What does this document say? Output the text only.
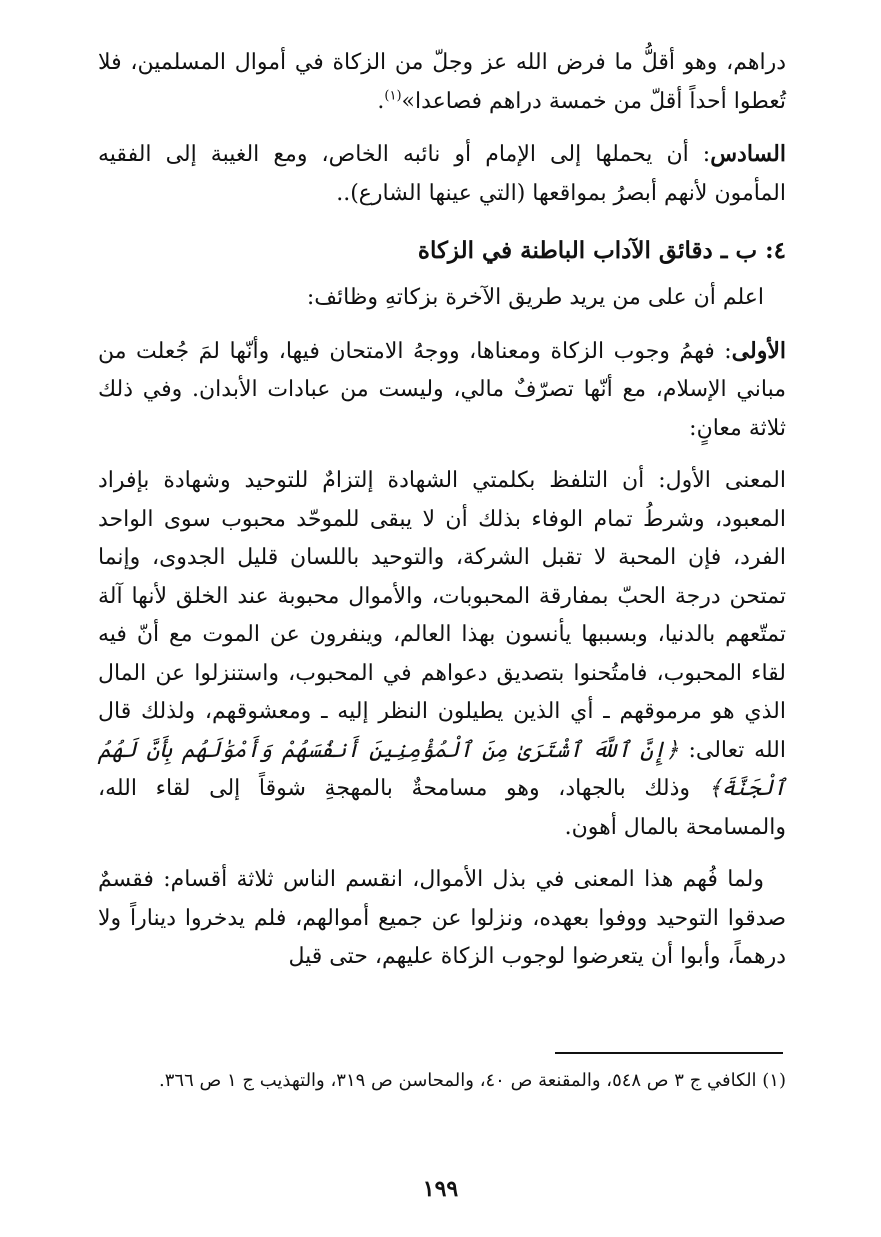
دراهم، وهو أقلُّ ما فرض الله عز وجلّ من الزكاة في أموال المسلمين، فلا تُعطوا أحداً أقلّ من خمسة دراهم فصاعدا»$^{(١)}$.

السادس: أن يحملها إلى الإمام أو نائبه الخاص، ومع الغيبة إلى الفقيه المأمون لأنهم أبصرُ بمواقعها (التي عينها الشارع)..

٤: ب ـ دقائق الآداب الباطنة في الزكاة

اعلم أن على من يريد طريق الآخرة بزكاتهِ وظائف:

الأولى: فهمُ وجوب الزكاة ومعناها، ووجهُ الامتحان فيها، وأنّها لمَ جُعلت من مباني الإسلام، مع أنّها تصرّفٌ مالي، وليست من عبادات الأبدان. وفي ذلك ثلاثة معانٍ:

المعنى الأول: أن التلفظ بكلمتي الشهادة إلتزامٌ للتوحيد وشهادة بإفراد المعبود، وشرطُ تمام الوفاء بذلك أن لا يبقى للموحّد محبوب سوى الواحد الفرد، فإن المحبة لا تقبل الشركة، والتوحيد باللسان قليل الجدوى، وإنما تمتحن درجة الحبّ بمفارقة المحبوبات، والأموال محبوبة عند الخلق لأنها آلة تمتّعهم بالدنيا، وبسببها يأنسون بهذا العالم، وينفرون عن الموت مع أنّ فيه لقاء المحبوب، فامتُحنوا بتصديق دعواهم في المحبوب، واستنزلوا عن المال الذي هو مرموقهم ـ أي الذين يطيلون النظر إليه ـ ومعشوقهم، ولذلك قال الله تعالى: ﴿إِنَّ ٱللَّهَ ٱشْتَرَىٰ مِنَ ٱلْمُؤْمِنِينَ أَنفُسَهُمْ وَأَمْوَٰلَهُم بِأَنَّ لَهُمُ ٱلْجَنَّةَ﴾ وذلك بالجهاد، وهو مسامحةٌ بالمهجةِ شوقاً إلى لقاء الله، والمسامحة بالمال أهون.

ولما فُهم هذا المعنى في بذل الأموال، انقسم الناس ثلاثة أقسام: فقسمٌ صدقوا التوحيد ووفوا بعهده، ونزلوا عن جميع أموالهم، فلم يدخروا ديناراً ولا درهماً، وأبوا أن يتعرضوا لوجوب الزكاة عليهم، حتى قيل

(١) الكافي ج ٣ ص ٥٤٨، والمقنعة ص ٤٠، والمحاسن ص ٣١٩، والتهذيب ج ١ ص ٣٦٦.
١٩٩
